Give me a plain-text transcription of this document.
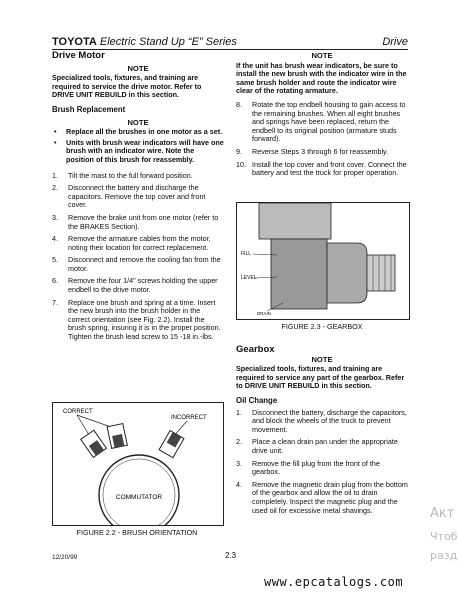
TOYOTA Electric Stand Up “E” Series	Drive
Drive Motor
NOTE

Specialized tools, fixtures, and training are required to service the drive motor. Refer to DRIVE UNIT REBUILD in this section.

Brush Replacement
NOTE
• Replace all the brushes in one motor as a set.
• Units with brush wear indicators will have one brush with an indicator wire. Note the position of this brush for reassembly.
1. Tilt the mast to the full forward position.
2. Disconnect the battery and discharge the capacitors. Remove the top cover and front cover.
3. Remove the brake unit from one motor (refer to the BRAKES Section).
4. Remove the armature cables from the motor, noting their location for correct replacement.
5. Disconnect and remove the cooling fan from the motor.
6. Remove the four 1/4" screws holding the upper endbell to the drive motor.
7. Replace one brush and spring at a time. Insert the new brush into the brush holder in the correct orientation (see Fig. 2.2). Install the brush spring, insuring it is in the proper position. Tighten the brush lead screw to 15 -18 in.-lbs.
CORRECT
INCORRECT
COMMUTATOR
FIGURE 2.2 - BRUSH ORIENTATION
NOTE

If the unit has brush wear indicators, be sure to install the new brush with the indicator wire in the same brush holder and route the indicator wire clear of the rotating armature.

8. Rotate the top endbell housing to gain access to the remaining brushes. When all eight brushes and springs have been replaced, return the endbell to its original position (armature studs forward).
9. Reverse Steps 3 through 6 for reassembly.
10. Install the top cover and front cover. Connect the battery and test the truck for proper operation.
FILL
LEVEL
DRAIN
FIGURE 2.3 - GEARBOX
Gearbox
NOTE

Specialized tools, fixtures, and training are required to service any part of the gearbox. Refer to DRIVE UNIT REBUILD in this section.

Oil Change
1. Disconnect the battery, discharge the capacitors, and block the wheels of the truck to prevent movement.
2. Place a clean drain pan under the appropriate drive unit.
3. Remove the fill plug from the front of the gearbox.
4. Remove the magnetic drain plug from the bottom of the gearbox and allow the oil to drain completely. Inspect the magnetic plug and the used oil for excessive metal shavings.
12/20/99	2.3
www.epcatalogs.com
Акт
Чтоб
разд
